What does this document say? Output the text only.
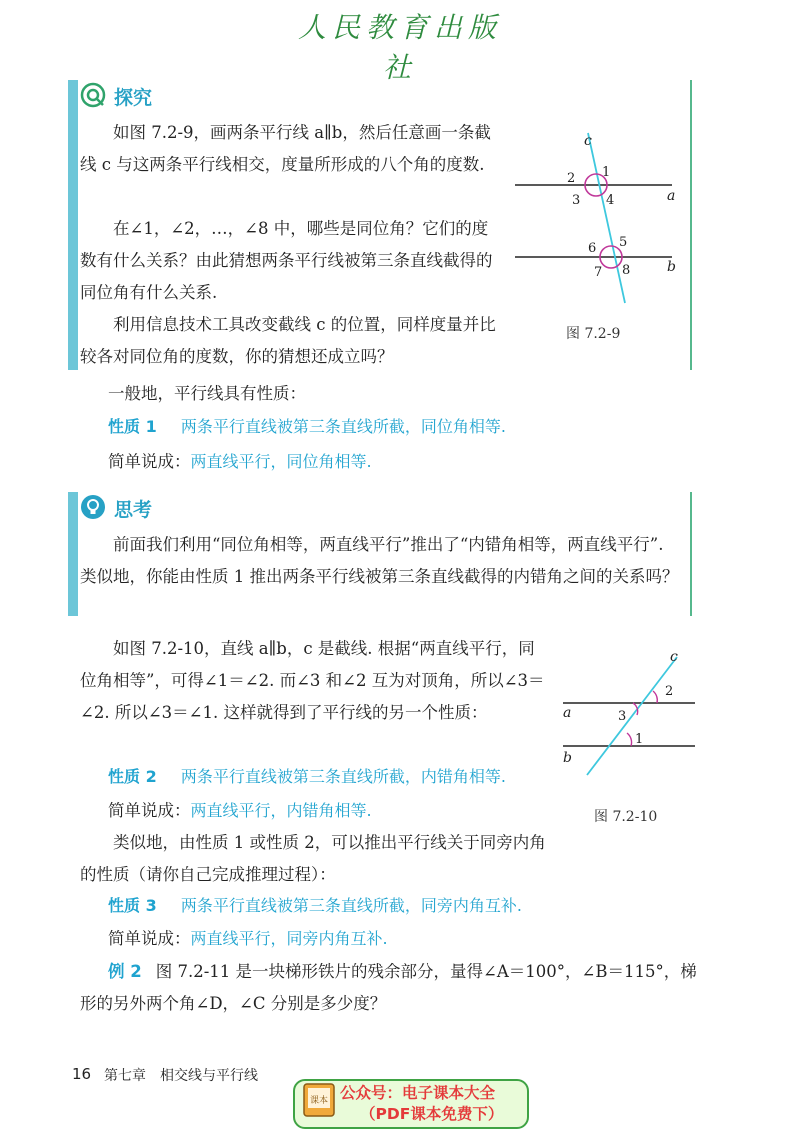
人民教育出版社
探究
如图 7.2-9，画两条平行线 a∥b，然后任意画一条截线 c 与这两条平行线相交，度量所形成的八个角的度数.
在∠1，∠2，…，∠8 中，哪些是同位角？它们的度数有什么关系？由此猜想两条平行线被第三条直线截得的同位角有什么关系.
利用信息技术工具改变截线 c 的位置，同样度量并比较各对同位角的度数，你的猜想还成立吗？
c
a
b
1
2
3 4
5
6
7 8
图 7.2-9
一般地，平行线具有性质：
性质 1 两条平行直线被第三条直线所截，同位角相等.
简单说成：两直线平行，同位角相等.
思考
前面我们利用“同位角相等，两直线平行”推出了“内错角相等，两直线平行”. 类似地，你能由性质 1 推出两条平行线被第三条直线截得的内错角之间的关系吗？
如图 7.2-10，直线 a∥b，c 是截线. 根据“两直线平行，同位角相等”，可得∠1＝∠2. 而∠3 和∠2 互为对顶角，所以∠3＝∠2. 所以∠3＝∠1. 这样就得到了平行线的另一个性质：
c
a
b
1
2
3
图 7.2-10
性质 2 两条平行直线被第三条直线所截，内错角相等.
简单说成：两直线平行，内错角相等.
类似地，由性质 1 或性质 2，可以推出平行线关于同旁内角的性质（请你自己完成推理过程）：
性质 3 两条平行直线被第三条直线所截，同旁内角互补.
简单说成：两直线平行，同旁内角互补.
例 2 图 7.2-11 是一块梯形铁片的残余部分，量得∠A＝100°，∠B＝115°，梯形的另外两个角∠D，∠C 分别是多少度？
16 第七章　相交线与平行线
课本 公众号：电子课本大全
（PDF课本免费下）
